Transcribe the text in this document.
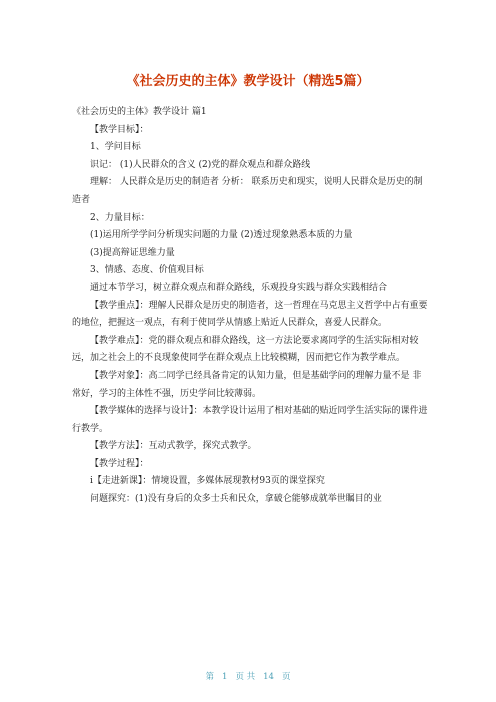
《社会历史的主体》教学设计（精选5篇）

《社会历史的主体》教学设计 篇1

【教学目标】：

1、学问目标

识记： (1)人民群众的含义 (2)党的群众观点和群众路线

理解： 人民群众是历史的制造者 分析： 联系历史和现实，说明人民群众是历史的制造者

2、力量目标：

(1)运用所学学问分析现实问题的力量 (2)透过现象熟悉本质的力量

(3)提高辩证思维力量

3、情感、态度、价值观目标

通过本节学习，树立群众观点和群众路线，乐观投身实践与群众实践相结合

【教学重点】：理解人民群众是历史的制造者，这一哲理在马克思主义哲学中占有重要的地位，把握这一观点，有利于使同学从情感上贴近人民群众，喜爱人民群众。

【教学难点】：党的群众观点和群众路线，这一方法论要求离同学的生活实际相对较远，加之社会上的不良现象使同学在群众观点上比较模糊，因而把它作为教学难点。

【教学对象】：高二同学已经具备肯定的认知力量，但是基础学问的理解力量不是 非常好，学习的主体性不强，历史学问比较薄弱。

【教学媒体的选择与设计】：本教学设计运用了相对基础的贴近同学生活实际的课件进行教学。

【教学方法】：互动式教学，探究式教学。

【教学过程】：

ⅰ【走进新课】：情境设置，多媒体展现教材93页的课堂探究

问题探究：(1)没有身后的众多士兵和民众，拿破仑能够成就举世瞩目的业

第 1 页 共 14 页
